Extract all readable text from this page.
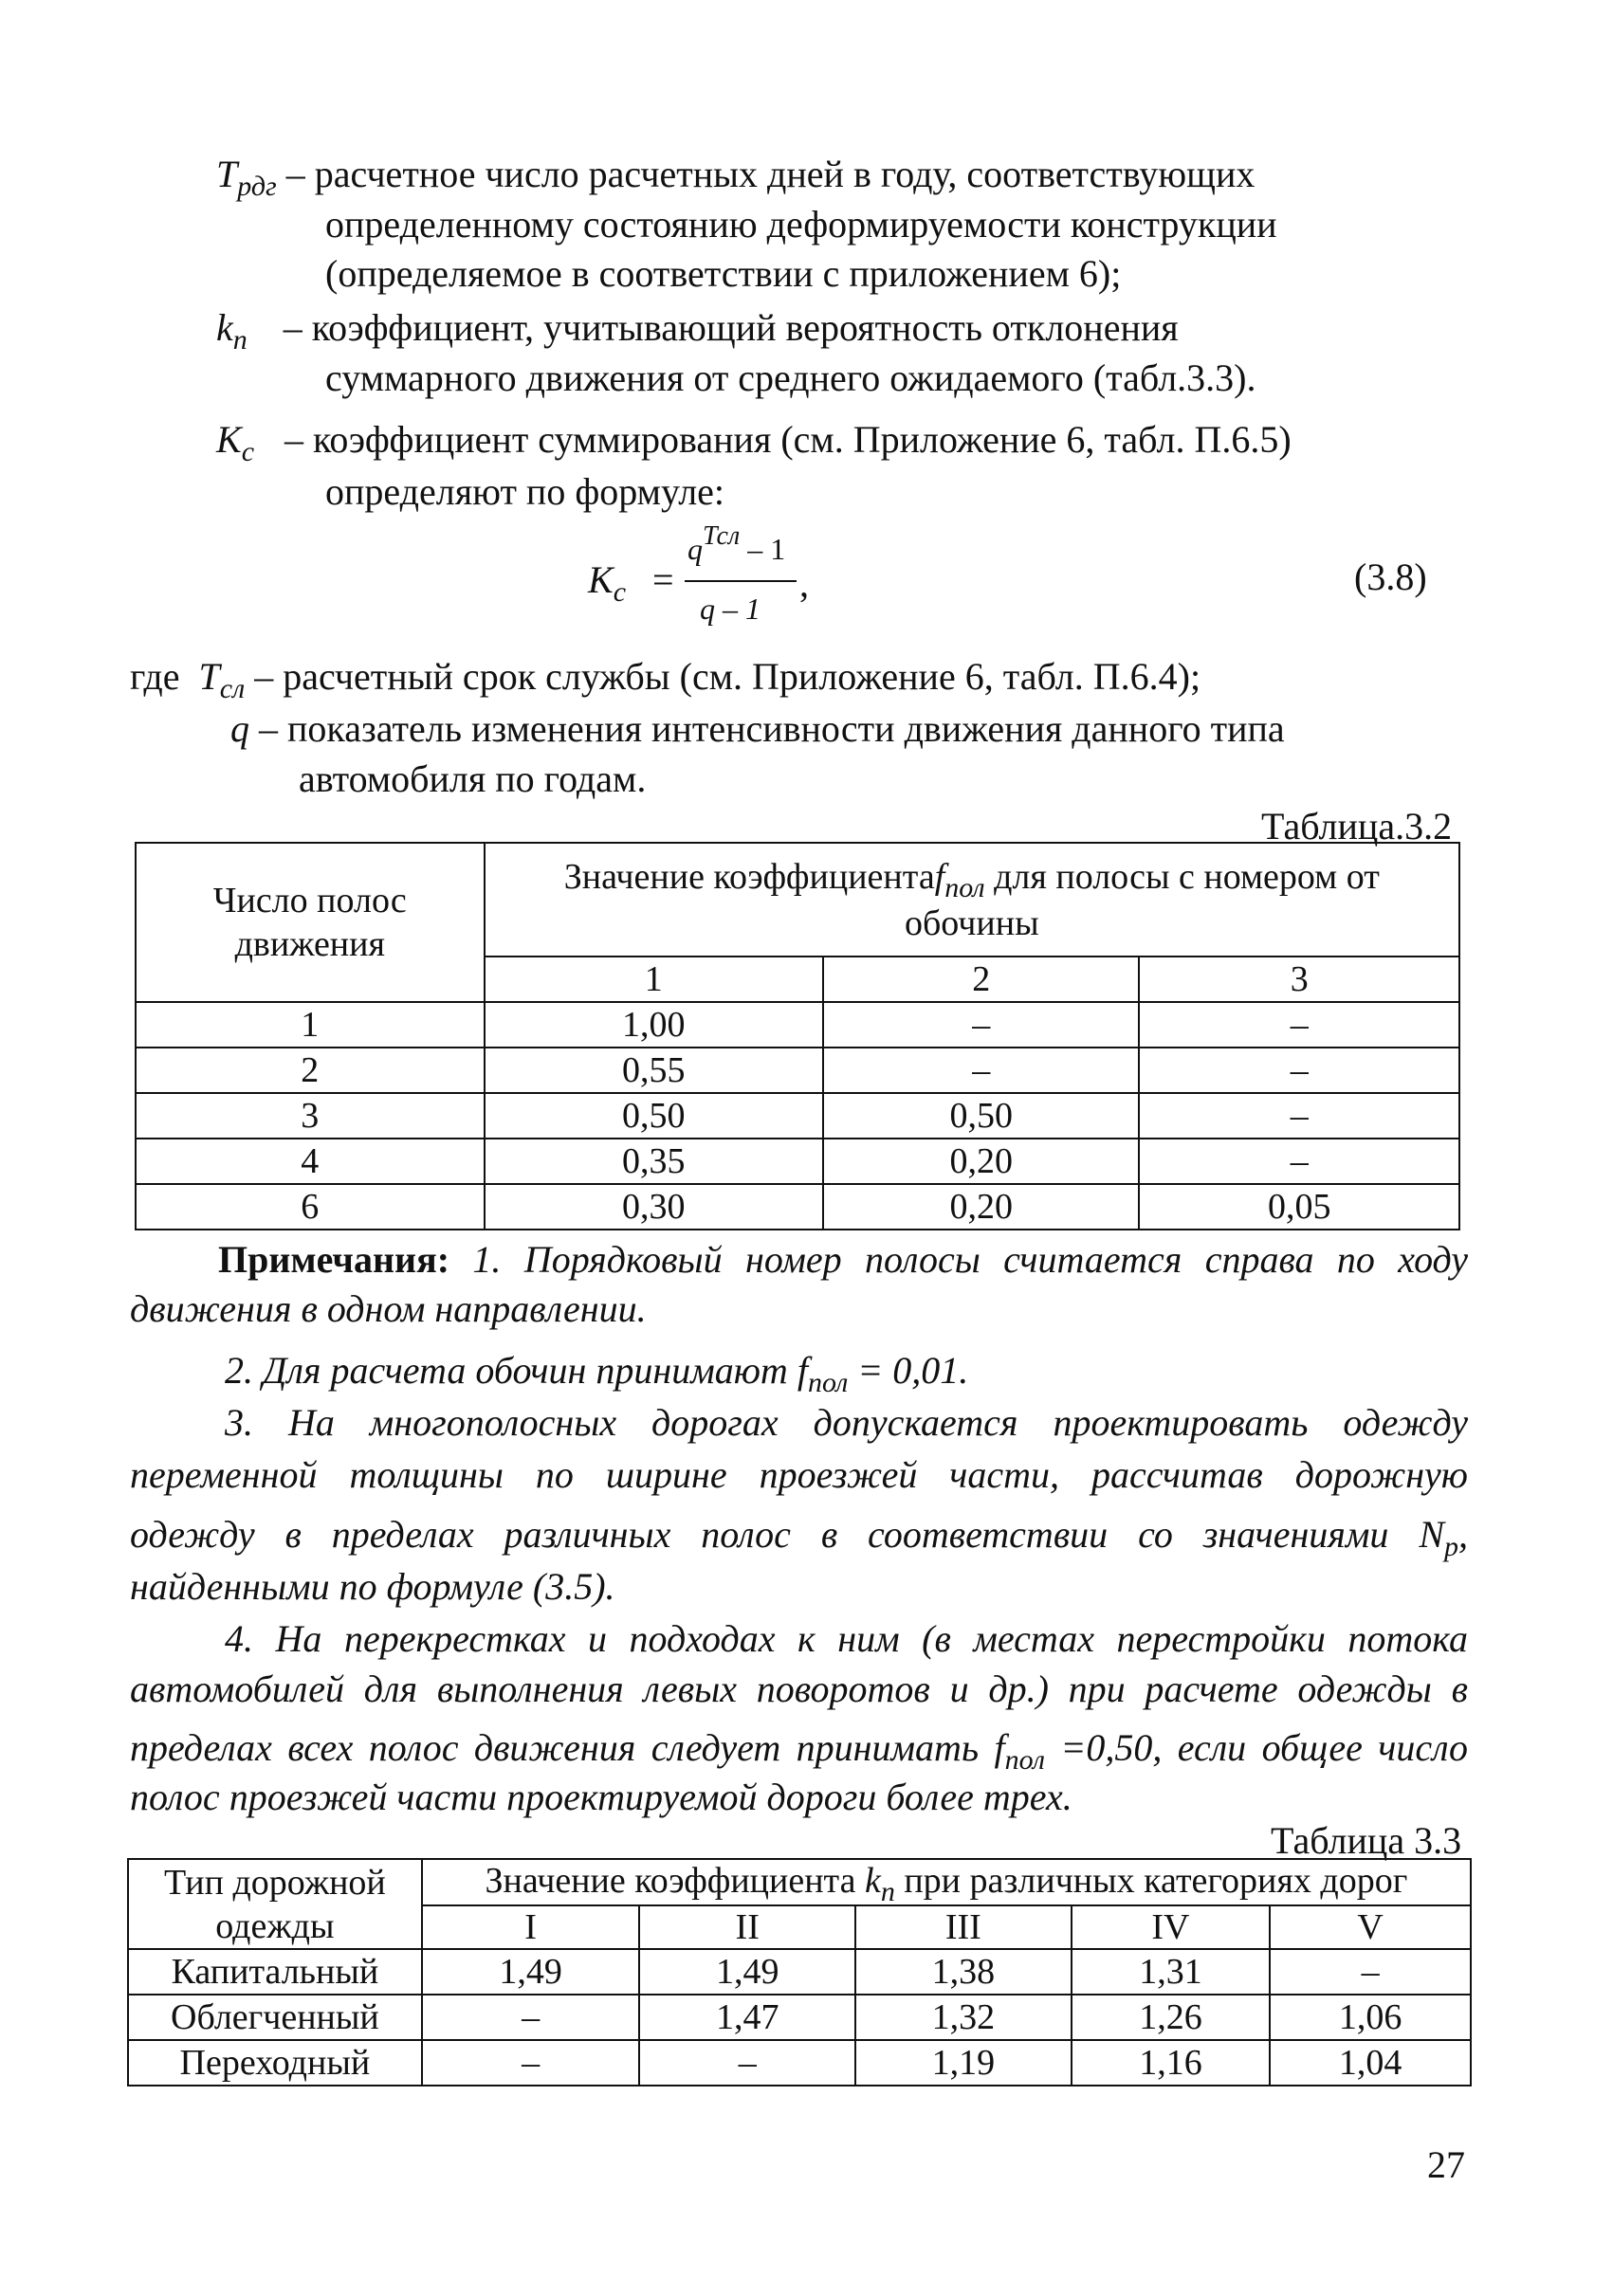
$T_{рдг}$ – расчетное число расчетных дней в году, соответствующих
определенному состоянию деформируемости конструкции
(определяемое в соответствии с приложением 6);
$k_n$ – коэффициент, учитывающий вероятность отклонения
суммарного движения от среднего ожидаемого (табл.3.3).
$K_c$ – коэффициент суммирования (см. Приложение 6, табл. П.6.5)
определяют по формуле:
$K_c$ =
qТсл – 1
q – 1
,	(3.8)
где $T_{сл}$ – расчетный срок службы (см. Приложение 6, табл. П.6.4);
q – показатель изменения интенсивности движения данного типа
автомобиля по годам.
Таблица.3.2
Число полос движения	Значение коэффициентаf$_{пол}$ для полосы с номером от обочины		
	1	2	3
1	1,00	–	–
2	0,55	–	–
3	0,50	0,50	–
4	0,35	0,20	–
6	0,30	0,20	0,05
Примечания: 1. Порядковый номер полосы считается справа по ходу
движения в одном направлении.
2. Для расчета обочин принимают $f_{пол} = 0,01$.
3. На многополосных дорогах допускается проектировать одежду
переменной толщины по ширине проезжей части, рассчитав дорожную
одежду в пределах различных полос в соответствии со значениями $N_p$,
найденными по формуле (3.5).
4. На перекрестках и подходах к ним (в местах перестройки потока
автомобилей для выполнения левых поворотов и др.) при расчете одежды в
пределах всех полос движения следует принимать $f_{пол} =0,50$, если общее число
полос проезжей части проектируемой дороги более трех.
Таблица 3.3
Тип дорожной одежды	Значение коэффициента $k_n$ при различных категориях дорог				
	I	II	III	IV	V
Капитальный	1,49	1,49	1,38	1,31	–
Облегченный	–	1,47	1,32	1,26	1,06
Переходный	–	–	1,19	1,16	1,04
27
